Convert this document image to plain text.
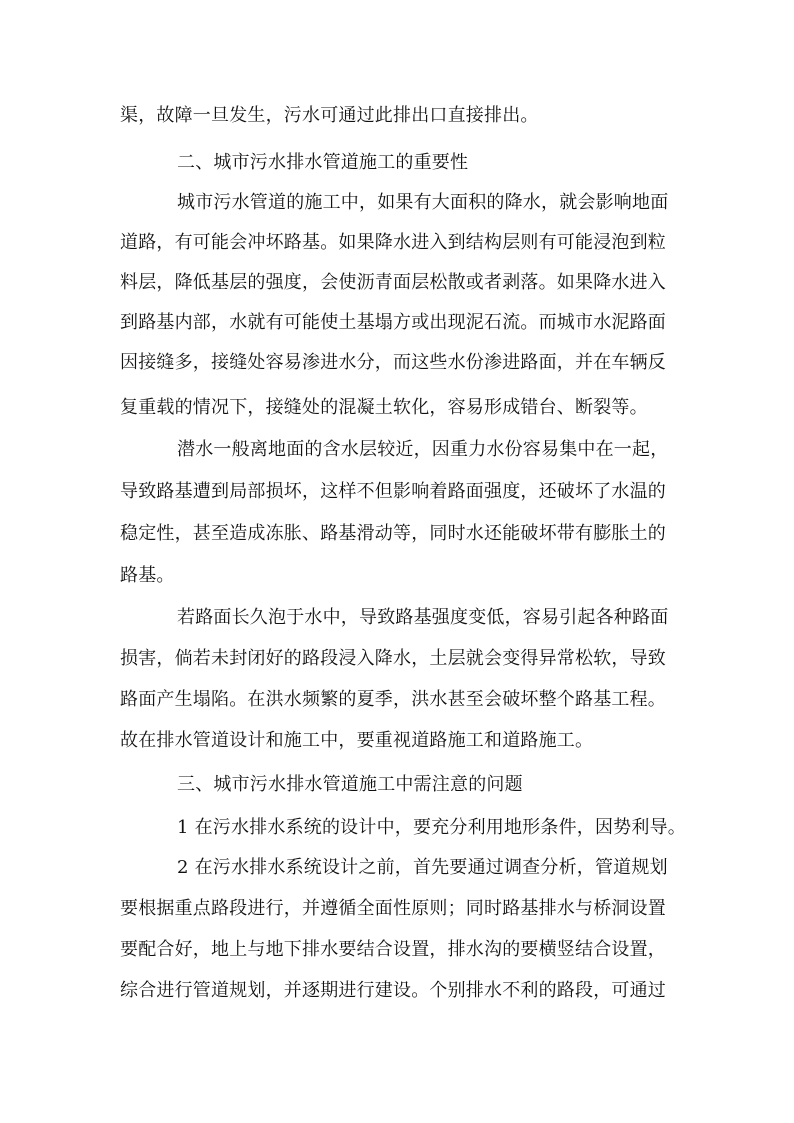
渠，故障一旦发生，污水可通过此排出口直接排出。

二、城市污水排水管道施工的重要性

城市污水管道的施工中，如果有大面积的降水，就会影响地面

道路，有可能会冲坏路基。如果降水进入到结构层则有可能浸泡到粒

料层，降低基层的强度，会使沥青面层松散或者剥落。如果降水进入

到路基内部，水就有可能使土基塌方或出现泥石流。而城市水泥路面

因接缝多，接缝处容易渗进水分，而这些水份渗进路面，并在车辆反

复重载的情况下，接缝处的混凝土软化，容易形成错台、断裂等。

潜水一般离地面的含水层较近，因重力水份容易集中在一起，

导致路基遭到局部损坏，这样不但影响着路面强度，还破坏了水温的

稳定性，甚至造成冻胀、路基滑动等，同时水还能破坏带有膨胀土的

路基。

若路面长久泡于水中，导致路基强度变低，容易引起各种路面

损害，倘若未封闭好的路段浸入降水，土层就会变得异常松软，导致

路面产生塌陷。在洪水频繁的夏季，洪水甚至会破坏整个路基工程。

故在排水管道设计和施工中，要重视道路施工和道路施工。

三、城市污水排水管道施工中需注意的问题

1 在污水排水系统的设计中，要充分利用地形条件，因势利导。

2 在污水排水系统设计之前，首先要通过调查分析，管道规划

要根据重点路段进行，并遵循全面性原则；同时路基排水与桥洞设置

要配合好，地上与地下排水要结合设置，排水沟的要横竖结合设置，

综合进行管道规划，并逐期进行建设。个别排水不利的路段，可通过
